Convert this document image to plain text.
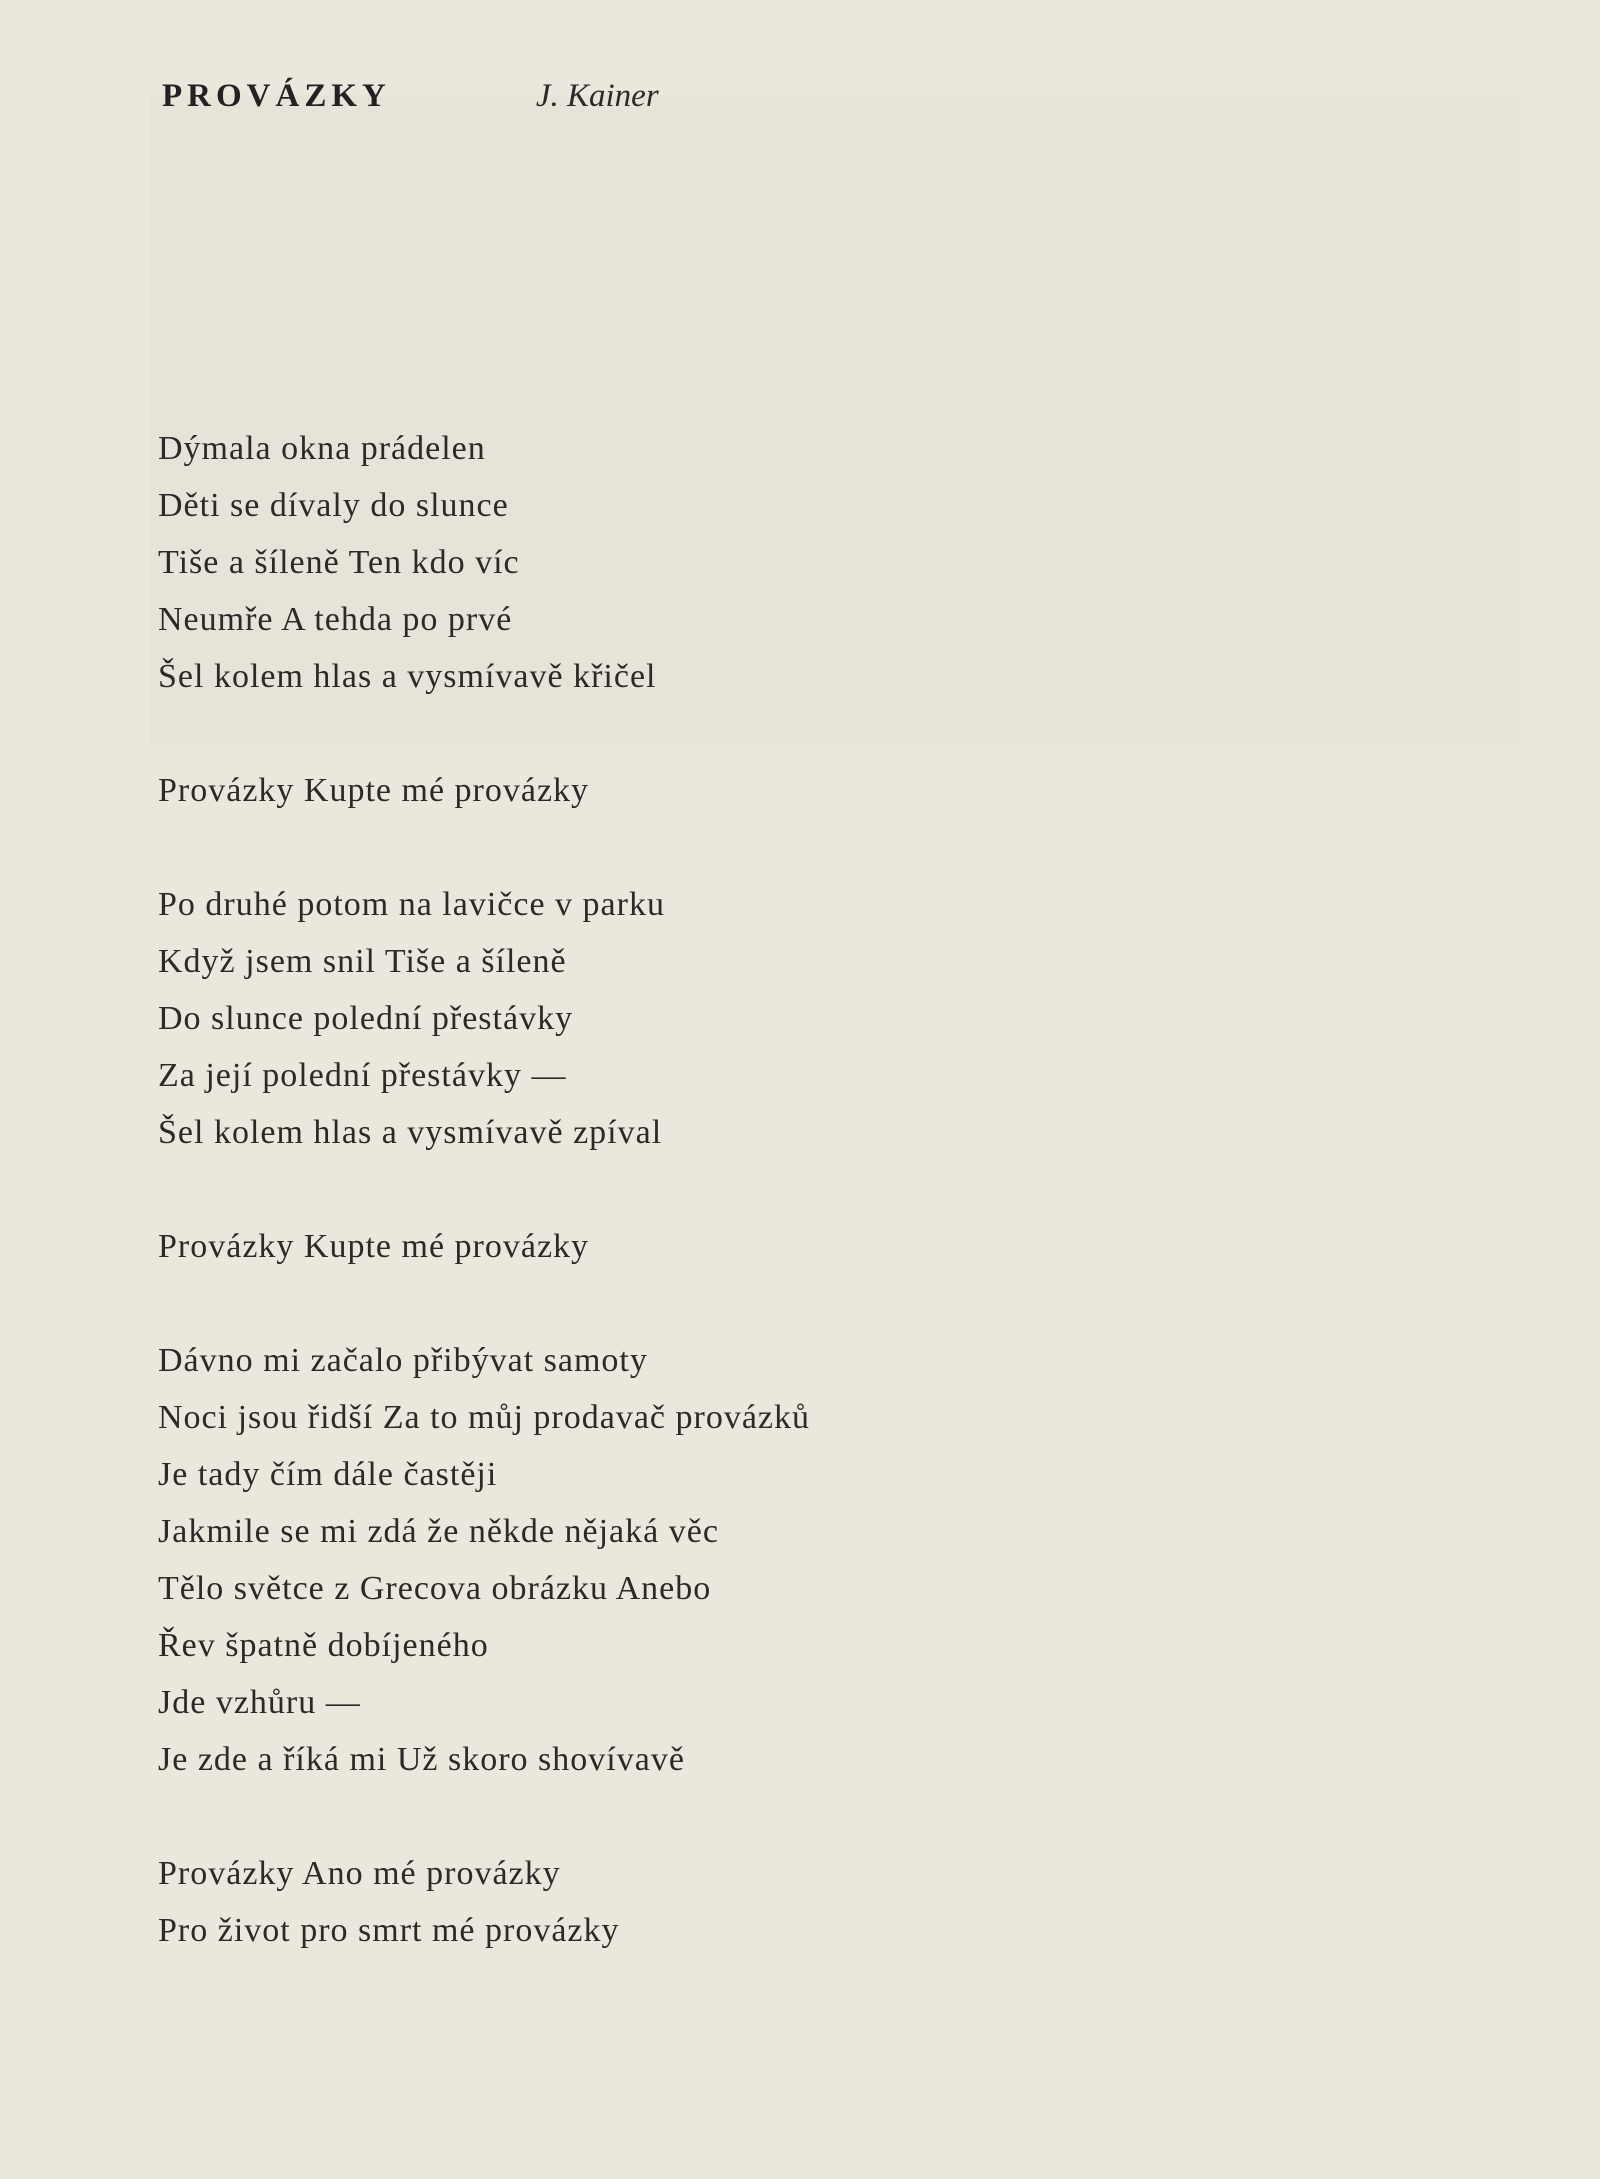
PROVÁZKY	J. Kainer
Dýmala okna prádelen
Děti se dívaly do slunce
Tiše a šíleně Ten kdo víc
Neumře A tehda po prvé
Šel kolem hlas a vysmívavě křičel
Provázky Kupte mé provázky
Po druhé potom na lavičce v parku
Když jsem snil Tiše a šíleně
Do slunce polední přestávky
Za její polední přestávky —
Šel kolem hlas a vysmívavě zpíval
Provázky Kupte mé provázky
Dávno mi začalo přibývat samoty
Noci jsou řidší Za to můj prodavač provázků
Je tady čím dále častěji
Jakmile se mi zdá že někde nějaká věc
Tělo světce z Grecova obrázku Anebo
Řev špatně dobíjeného
Jde vzhůru —
Je zde a říká mi Už skoro shovívavě
Provázky Ano mé provázky
Pro život pro smrt mé provázky
